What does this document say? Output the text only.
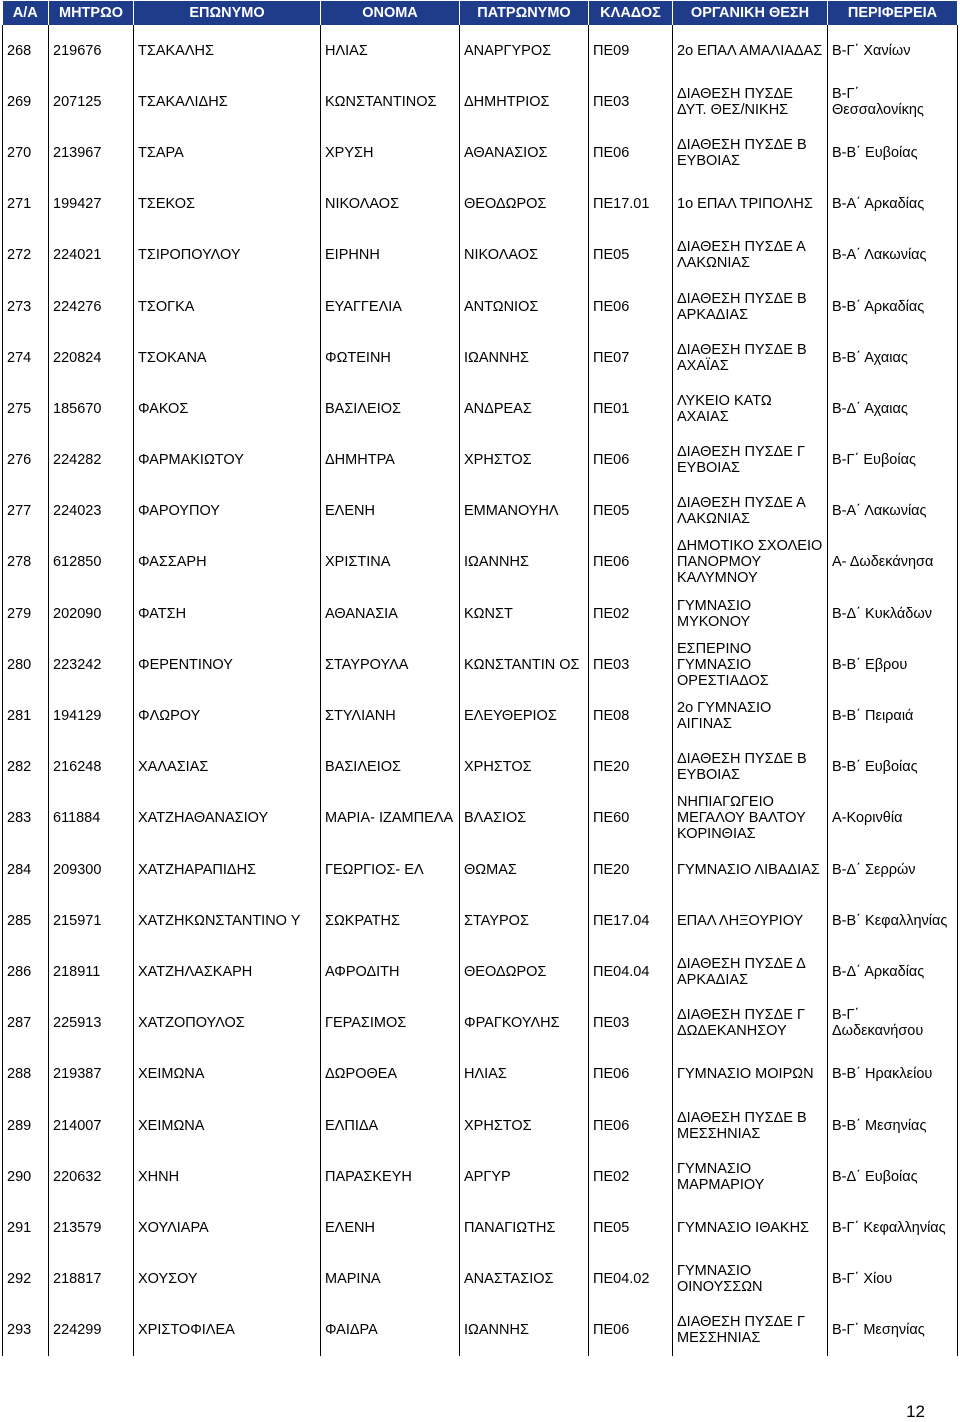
Α/Α	ΜΗΤΡΩΟ	ΕΠΩΝΥΜΟ	ΟΝΟΜΑ	ΠΑΤΡΩΝΥΜΟ	ΚΛΑΔΟΣ	ΟΡΓΑΝΙΚΗ ΘΕΣΗ	ΠΕΡΙΦΕΡΕΙΑ
268	219676	ΤΣΑΚΑΛΗΣ	ΗΛΙΑΣ	ΑΝΑΡΓΥΡΟΣ	ΠΕ09	2ο ΕΠΑΛ ΑΜΑΛΙΑΔΑΣ	Β-Γ΄ Χανίων
269	207125	ΤΣΑΚΑΛΙΔΗΣ	ΚΩΝΣΤΑΝΤΙΝΟΣ	ΔΗΜΗΤΡΙΟΣ	ΠΕ03	ΔΙΑΘΕΣΗ ΠΥΣΔΕ ΔΥΤ. ΘΕΣ/ΝΙΚΗΣ	Β-Γ΄ Θεσσαλονίκης
270	213967	ΤΣΑΡΑ	ΧΡΥΣΗ	ΑΘΑΝΑΣΙΟΣ	ΠΕ06	ΔΙΑΘΕΣΗ ΠΥΣΔΕ Β ΕΥΒΟΙΑΣ	Β-Β΄ Ευβοίας
271	199427	ΤΣΕΚΟΣ	ΝΙΚΟΛΑΟΣ	ΘΕΟΔΩΡΟΣ	ΠΕ17.01	1ο ΕΠΑΛ ΤΡΙΠΟΛΗΣ	Β-Α΄ Αρκαδίας
272	224021	ΤΣΙΡΟΠΟΥΛΟΥ	ΕΙΡΗΝΗ	ΝΙΚΟΛΑΟΣ	ΠΕ05	ΔΙΑΘΕΣΗ ΠΥΣΔΕ Α ΛΑΚΩΝΙΑΣ	Β-Α΄ Λακωνίας
273	224276	ΤΣΟΓΚΑ	ΕΥΑΓΓΕΛΙΑ	ΑΝΤΩΝΙΟΣ	ΠΕ06	ΔΙΑΘΕΣΗ ΠΥΣΔΕ Β ΑΡΚΑΔΙΑΣ	Β-Β΄ Αρκαδίας
274	220824	ΤΣΟΚΑΝΑ	ΦΩΤΕΙΝΗ	ΙΩΑΝΝΗΣ	ΠΕ07	ΔΙΑΘΕΣΗ ΠΥΣΔΕ Β ΑΧΑΪΑΣ	Β-Β΄ Αχαιας
275	185670	ΦΑΚΟΣ	ΒΑΣΙΛΕΙΟΣ	ΑΝΔΡΕΑΣ	ΠΕ01	ΛΥΚΕΙΟ ΚΑΤΩ ΑΧΑΙΑΣ	Β-Δ΄ Αχαιας
276	224282	ΦΑΡΜΑΚΙΩΤΟΥ	ΔΗΜΗΤΡΑ	ΧΡΗΣΤΟΣ	ΠΕ06	ΔΙΑΘΕΣΗ ΠΥΣΔΕ Γ ΕΥΒΟΙΑΣ	Β-Γ΄ Ευβοίας
277	224023	ΦΑΡΟΥΠΟΥ	ΕΛΕΝΗ	ΕΜΜΑΝΟΥΗΛ	ΠΕ05	ΔΙΑΘΕΣΗ ΠΥΣΔΕ Α ΛΑΚΩΝΙΑΣ	Β-Α΄ Λακωνίας
278	612850	ΦΑΣΣΑΡΗ	ΧΡΙΣΤΙΝΑ	ΙΩΑΝΝΗΣ	ΠΕ06	ΔΗΜΟΤΙΚΟ ΣΧΟΛΕΙΟ ΠΑΝΟΡΜΟΥ ΚΑΛΥΜΝΟΥ	Α- Δωδεκάνησα
279	202090	ΦΑΤΣΗ	ΑΘΑΝΑΣΙΑ	ΚΩΝΣΤ	ΠΕ02	ΓΥΜΝΑΣΙΟ ΜΥΚΟΝΟΥ	Β-Δ΄ Κυκλάδων
280	223242	ΦΕΡΕΝΤΙΝΟΥ	ΣΤΑΥΡΟΥΛΑ	ΚΩΝΣΤΑΝΤΙΝ ΟΣ	ΠΕ03	ΕΣΠΕΡΙΝΟ ΓΥΜΝΑΣΙΟ ΟΡΕΣΤΙΑΔΟΣ	Β-Β΄ Εβρου
281	194129	ΦΛΩΡΟΥ	ΣΤΥΛΙΑΝΗ	ΕΛΕΥΘΕΡΙΟΣ	ΠΕ08	2ο ΓΥΜΝΑΣΙΟ ΑΙΓΙΝΑΣ	Β-Β΄ Πειραιά
282	216248	ΧΑΛΑΣΙΑΣ	ΒΑΣΙΛΕΙΟΣ	ΧΡΗΣΤΟΣ	ΠΕ20	ΔΙΑΘΕΣΗ ΠΥΣΔΕ Β ΕΥΒΟΙΑΣ	Β-Β΄ Ευβοίας
283	611884	ΧΑΤΖΗΑΘΑΝΑΣΙΟΥ	ΜΑΡΙΑ- ΙΖΑΜΠΕΛΑ	ΒΛΑΣΙΟΣ	ΠΕ60	ΝΗΠΙΑΓΩΓΕΙΟ ΜΕΓΑΛΟΥ ΒΑΛΤΟΥ ΚΟΡΙΝΘΙΑΣ	Α-Κορινθία
284	209300	ΧΑΤΖΗΑΡΑΠΙΔΗΣ	ΓΕΩΡΓΙΟΣ- ΕΛ	ΘΩΜΑΣ	ΠΕ20	ΓΥΜΝΑΣΙΟ ΛΙΒΑΔΙΑΣ	Β-Δ΄ Σερρών
285	215971	ΧΑΤΖΗΚΩΝΣΤΑΝΤΙΝΟ Υ	ΣΩΚΡΑΤΗΣ	ΣΤΑΥΡΟΣ	ΠΕ17.04	ΕΠΑΛ ΛΗΞΟΥΡΙΟΥ	Β-Β΄ Κεφαλληνίας
286	218911	ΧΑΤΖΗΛΑΣΚΑΡΗ	ΑΦΡΟΔΙΤΗ	ΘΕΟΔΩΡΟΣ	ΠΕ04.04	ΔΙΑΘΕΣΗ ΠΥΣΔΕ Δ ΑΡΚΑΔΙΑΣ	Β-Δ΄ Αρκαδίας
287	225913	ΧΑΤΖΟΠΟΥΛΟΣ	ΓΕΡΑΣΙΜΟΣ	ΦΡΑΓΚΟΥΛΗΣ	ΠΕ03	ΔΙΑΘΕΣΗ ΠΥΣΔΕ Γ ΔΩΔΕΚΑΝΗΣΟΥ	Β-Γ΄ Δωδεκανήσου
288	219387	ΧΕΙΜΩΝΑ	ΔΩΡΟΘΕΑ	ΗΛΙΑΣ	ΠΕ06	ΓΥΜΝΑΣΙΟ ΜΟΙΡΩΝ	Β-Β΄ Ηρακλείου
289	214007	ΧΕΙΜΩΝΑ	ΕΛΠΙΔΑ	ΧΡΗΣΤΟΣ	ΠΕ06	ΔΙΑΘΕΣΗ ΠΥΣΔΕ Β ΜΕΣΣΗΝΙΑΣ	Β-Β΄ Μεσηνίας
290	220632	ΧΗΝΗ	ΠΑΡΑΣΚΕΥΗ	ΑΡΓΥΡ	ΠΕ02	ΓΥΜΝΑΣΙΟ ΜΑΡΜΑΡΙΟΥ	Β-Δ΄ Ευβοίας
291	213579	ΧΟΥΛΙΑΡΑ	ΕΛΕΝΗ	ΠΑΝΑΓΙΩΤΗΣ	ΠΕ05	ΓΥΜΝΑΣΙΟ ΙΘΑΚΗΣ	Β-Γ΄ Κεφαλληνίας
292	218817	ΧΟΥΣΟΥ	ΜΑΡΙΝΑ	ΑΝΑΣΤΑΣΙΟΣ	ΠΕ04.02	ΓΥΜΝΑΣΙΟ ΟΙΝΟΥΣΣΩΝ	Β-Γ΄ Χίου
293	224299	ΧΡΙΣΤΟΦΙΛΕΑ	ΦΑΙΔΡΑ	ΙΩΑΝΝΗΣ	ΠΕ06	ΔΙΑΘΕΣΗ ΠΥΣΔΕ Γ ΜΕΣΣΗΝΙΑΣ	Β-Γ΄ Μεσηνίας
12
